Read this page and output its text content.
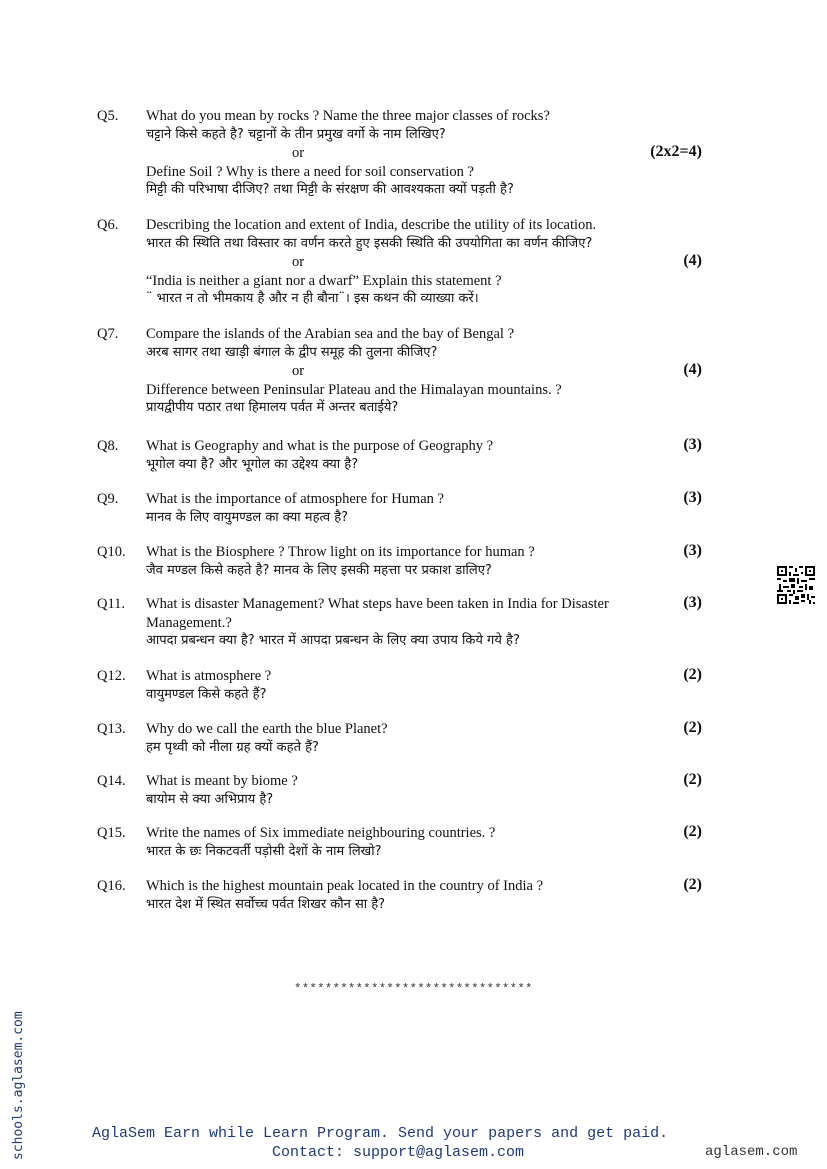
Q5. What do you mean by rocks ? Name the three major classes of rocks?
चट्टाने किसे कहते है? चट्टानों के तीन प्रमुख वर्गो के नाम लिखिए?
or
Define Soil ? Why is there a need for soil conservation ?
मिट्टी की परिभाषा दीजिए? तथा मिट्टी के संरक्षण की आवश्यकता क्यों पड़ती है?
(2x2=4)
Q6. Describing the location and extent of India, describe the utility of its location.
भारत की स्थिति तथा विस्तार का वर्णन करते हुए इसकी स्थिति की उपयोगिता का वर्णन कीजिए?
or
“India is neither a giant nor a dwarf” Explain this statement ?
¨ भारत न तो भीमकाय है और न ही बौना¨। इस कथन की व्याख्या करें।
(4)
Q7. Compare the islands of the Arabian sea and the bay of Bengal ?
अरब सागर तथा खाड़ी बंगाल के द्वीप समूह की तुलना कीजिए?
or
Difference between Peninsular Plateau and the Himalayan mountains. ?
प्रायद्वीपीय पठार तथा हिमालय पर्वत में अन्तर बताईये?
(4)
Q8. What is Geography and what is the purpose of Geography ?
भूगोल क्या है? और भूगोल का उद्देश्य क्या है?
(3)
Q9. What is the importance of atmosphere for Human ?
मानव के लिए वायुमण्डल का क्या महत्व है?
(3)
Q10. What is the Biosphere ? Throw light on its importance for human ?
जैव मण्डल किसे कहते है? मानव के लिए इसकी महत्ता पर प्रकाश डालिए?
(3)
Q11. What is disaster Management? What steps have been taken in India for Disaster
Management.?
आपदा प्रबन्धन क्या है? भारत में आपदा प्रबन्धन के लिए क्या उपाय किये गये है?
(3)
Q12. What is atmosphere ?
वायुमण्डल किसे कहते हैं?
(2)
Q13. Why do we call the earth the blue Planet?
हम पृथ्वी को नीला ग्रह क्यों कहते हैं?
(2)
Q14. What is meant by biome ?
बायोम से क्या अभिप्राय है?
(2)
Q15. Write the names of Six immediate neighbouring countries. ?
भारत के छः निकटवर्ती पड़ोसी देशों के नाम लिखो?
(2)
Q16. Which is the highest mountain peak located in the country of India ?
भारत देश में स्थित सर्वोच्च पर्वत शिखर कौन सा है?
(2)
*******************************
schools.aglasem.com	AglaSem Earn while Learn Program. Send your papers and get paid.
Contact: support@aglasem.com	aglasem.com
